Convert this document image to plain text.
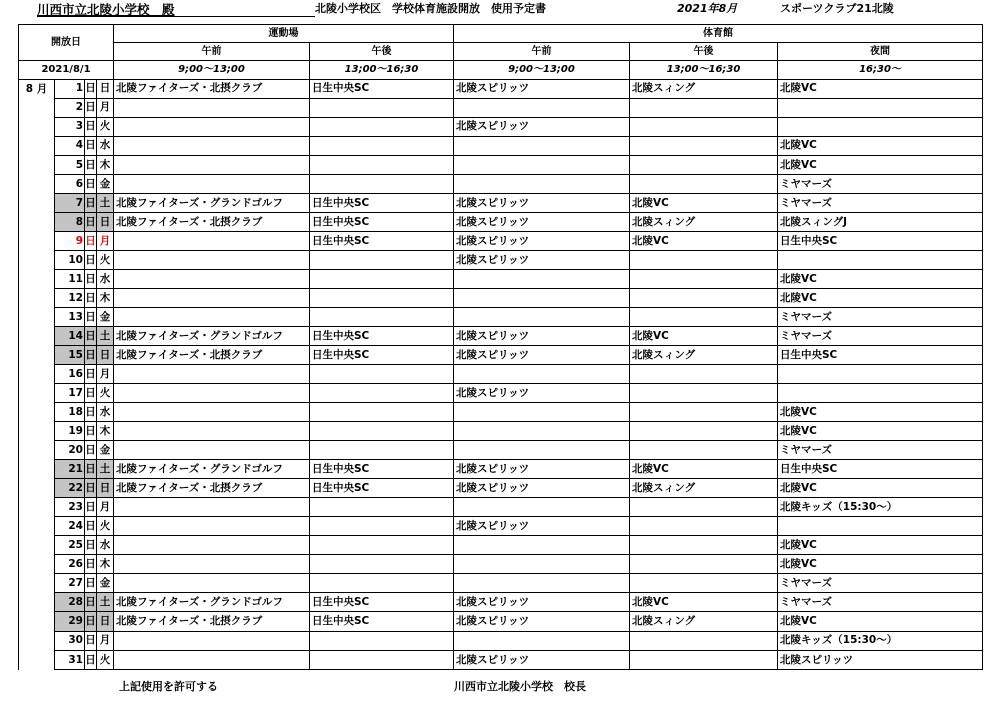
川西市立北陵小学校　殿	北陵小学校区　学校体育施設開放　使用予定書	2021年8月	スポーツクラブ21北陵
開放日				運動場		体育館		
				午前	午後	午前	午後	夜間
2021/8/1				9;00～13;00	13;00～16;30	9;00～13;00	13;00～16;30	16;30～
8 月	1	日	日	北陵ファイターズ・北摂クラブ	日生中央SC	北陵スピリッツ	北陵スィング	北陵VC
	2	日	月					
	3	日	火			北陵スピリッツ		
	4	日	水					北陵VC
	5	日	木					北陵VC
	6	日	金					ミヤマーズ
	7	日	土	北陵ファイターズ・グランドゴルフ	日生中央SC	北陵スピリッツ	北陵VC	ミヤマーズ
	8	日	日	北陵ファイターズ・北摂クラブ	日生中央SC	北陵スピリッツ	北陵スィング	北陵スィングJ
	9	日	月		日生中央SC	北陵スピリッツ	北陵VC	日生中央SC
	10	日	火			北陵スピリッツ		
	11	日	水					北陵VC
	12	日	木					北陵VC
	13	日	金					ミヤマーズ
	14	日	土	北陵ファイターズ・グランドゴルフ	日生中央SC	北陵スピリッツ	北陵VC	ミヤマーズ
	15	日	日	北陵ファイターズ・北摂クラブ	日生中央SC	北陵スピリッツ	北陵スィング	日生中央SC
	16	日	月					
	17	日	火			北陵スピリッツ		
	18	日	水					北陵VC
	19	日	木					北陵VC
	20	日	金					ミヤマーズ
	21	日	土	北陵ファイターズ・グランドゴルフ	日生中央SC	北陵スピリッツ	北陵VC	日生中央SC
	22	日	日	北陵ファイターズ・北摂クラブ	日生中央SC	北陵スピリッツ	北陵スィング	北陵VC
	23	日	月					北陵キッズ（15:30～）
	24	日	火			北陵スピリッツ		
	25	日	水					北陵VC
	26	日	木					北陵VC
	27	日	金					ミヤマーズ
	28	日	土	北陵ファイターズ・グランドゴルフ	日生中央SC	北陵スピリッツ	北陵VC	ミヤマーズ
	29	日	日	北陵ファイターズ・北摂クラブ	日生中央SC	北陵スピリッツ	北陵スィング	北陵VC
	30	日	月					北陵キッズ（15:30～）
	31	日	火			北陵スピリッツ		北陵スピリッツ
上記使用を許可する	川西市立北陵小学校　校長
